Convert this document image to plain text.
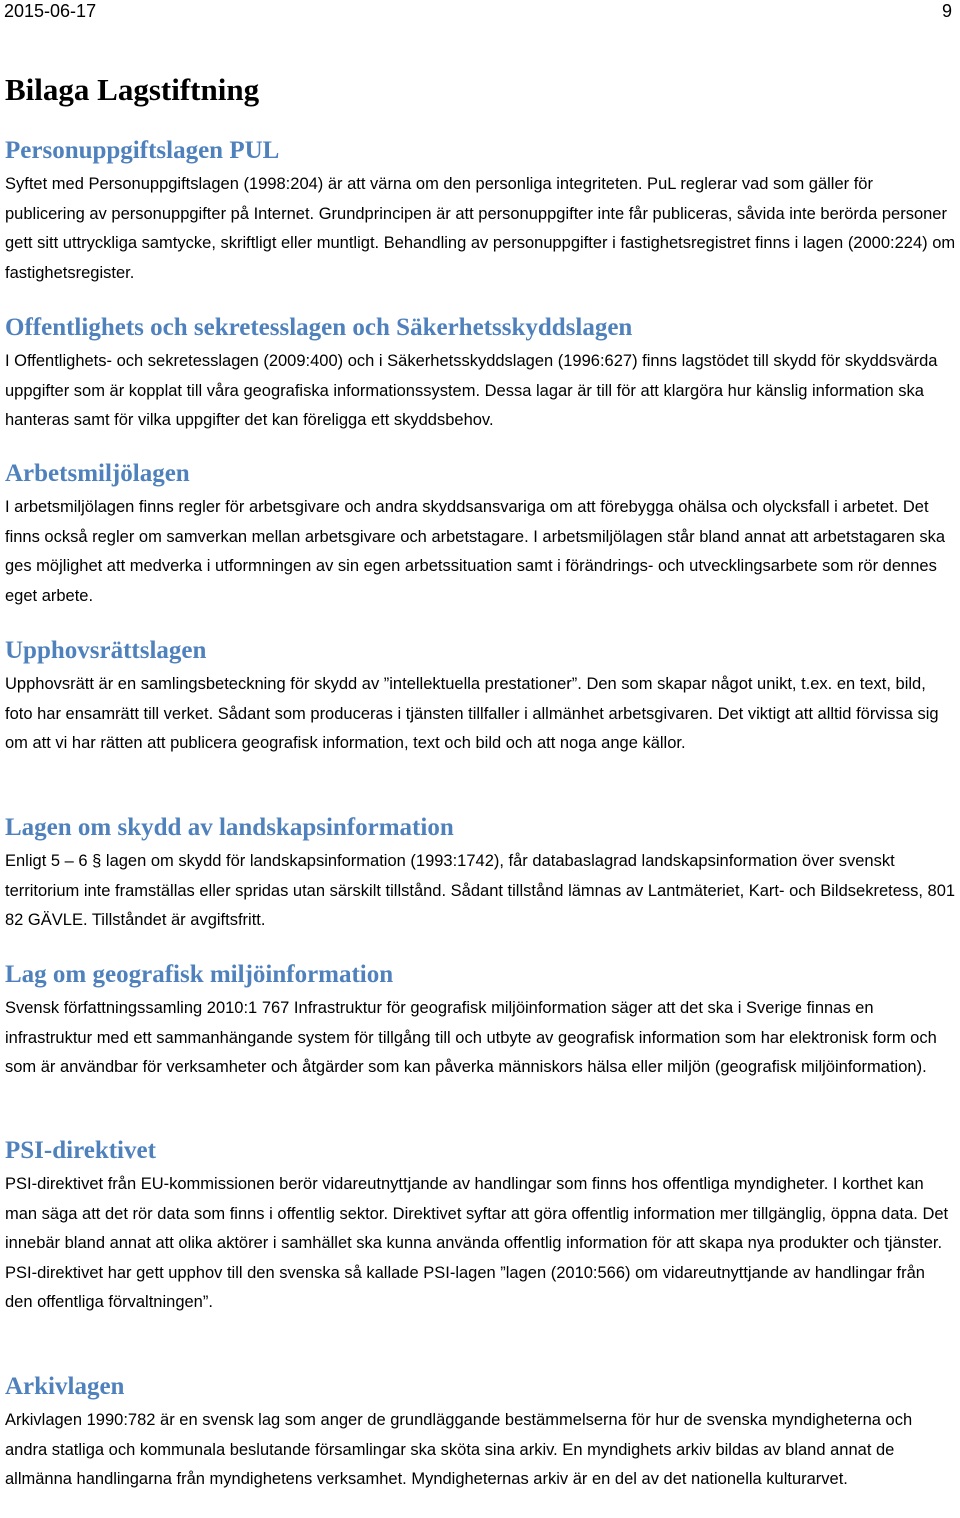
2015-06-17	9
Bilaga Lagstiftning
Personuppgiftslagen PUL

Syftet med Personuppgiftslagen (1998:204) är att värna om den personliga integriteten. PuL reglerar vad som gäller för publicering av personuppgifter på Internet. Grundprincipen är att personuppgifter inte får publiceras, såvida inte berörda personer gett sitt uttryckliga samtycke, skriftligt eller muntligt. Behandling av personuppgifter i fastighetsregistret finns i lagen (2000:224) om fastighetsregister.

Offentlighets och sekretesslagen och Säkerhetsskyddslagen

I Offentlighets- och sekretesslagen (2009:400) och i Säkerhetsskyddslagen (1996:627) finns lagstödet till skydd för skyddsvärda uppgifter som är kopplat till våra geografiska informationssystem. Dessa lagar är till för att klargöra hur känslig information ska hanteras samt för vilka uppgifter det kan föreligga ett skyddsbehov.

Arbetsmiljölagen

I arbetsmiljölagen finns regler för arbetsgivare och andra skyddsansvariga om att förebygga ohälsa och olycksfall i arbetet. Det finns också regler om samverkan mellan arbetsgivare och arbetstagare. I arbetsmiljölagen står bland annat att arbetstagaren ska ges möjlighet att medverka i utformningen av sin egen arbetssituation samt i förändrings- och utvecklingsarbete som rör dennes eget arbete.

Upphovsrättslagen

Upphovsrätt är en samlingsbeteckning för skydd av ”intellektuella prestationer”. Den som skapar något unikt, t.ex. en text, bild, foto har ensamrätt till verket. Sådant som produceras i tjänsten tillfaller i allmänhet arbetsgivaren. Det viktigt att alltid förvissa sig om att vi har rätten att publicera geografisk information, text och bild och att noga ange källor.

Lagen om skydd av landskapsinformation

Enligt 5 – 6 § lagen om skydd för landskapsinformation (1993:1742), får databaslagrad landskapsinformation över svenskt territorium inte framställas eller spridas utan särskilt tillstånd. Sådant tillstånd lämnas av Lantmäteriet, Kart- och Bildsekretess, 801 82 GÄVLE. Tillståndet är avgiftsfritt.

Lag om geografisk miljöinformation

Svensk författningssamling 2010:1 767 Infrastruktur för geografisk miljöinformation säger att det ska i Sverige finnas en infrastruktur med ett sammanhängande system för tillgång till och utbyte av geografisk information som har elektronisk form och som är användbar för verksamheter och åtgärder som kan påverka människors hälsa eller miljön (geografisk miljöinformation).

PSI-direktivet

PSI-direktivet från EU-kommissionen berör vidareutnyttjande av handlingar som finns hos offentliga myndigheter. I korthet kan man säga att det rör data som finns i offentlig sektor. Direktivet syftar att göra offentlig information mer tillgänglig, öppna data. Det innebär bland annat att olika aktörer i samhället ska kunna använda offentlig information för att skapa nya produkter och tjänster. PSI-direktivet har gett upphov till den svenska så kallade PSI-lagen ”lagen (2010:566) om vidareutnyttjande av handlingar från den offentliga förvaltningen”.

Arkivlagen

Arkivlagen 1990:782 är en svensk lag som anger de grundläggande bestämmelserna för hur de svenska myndigheterna och andra statliga och kommunala beslutande församlingar ska sköta sina arkiv. En myndighets arkiv bildas av bland annat de allmänna handlingarna från myndighetens verksamhet. Myndigheternas arkiv är en del av det nationella kulturarvet.
